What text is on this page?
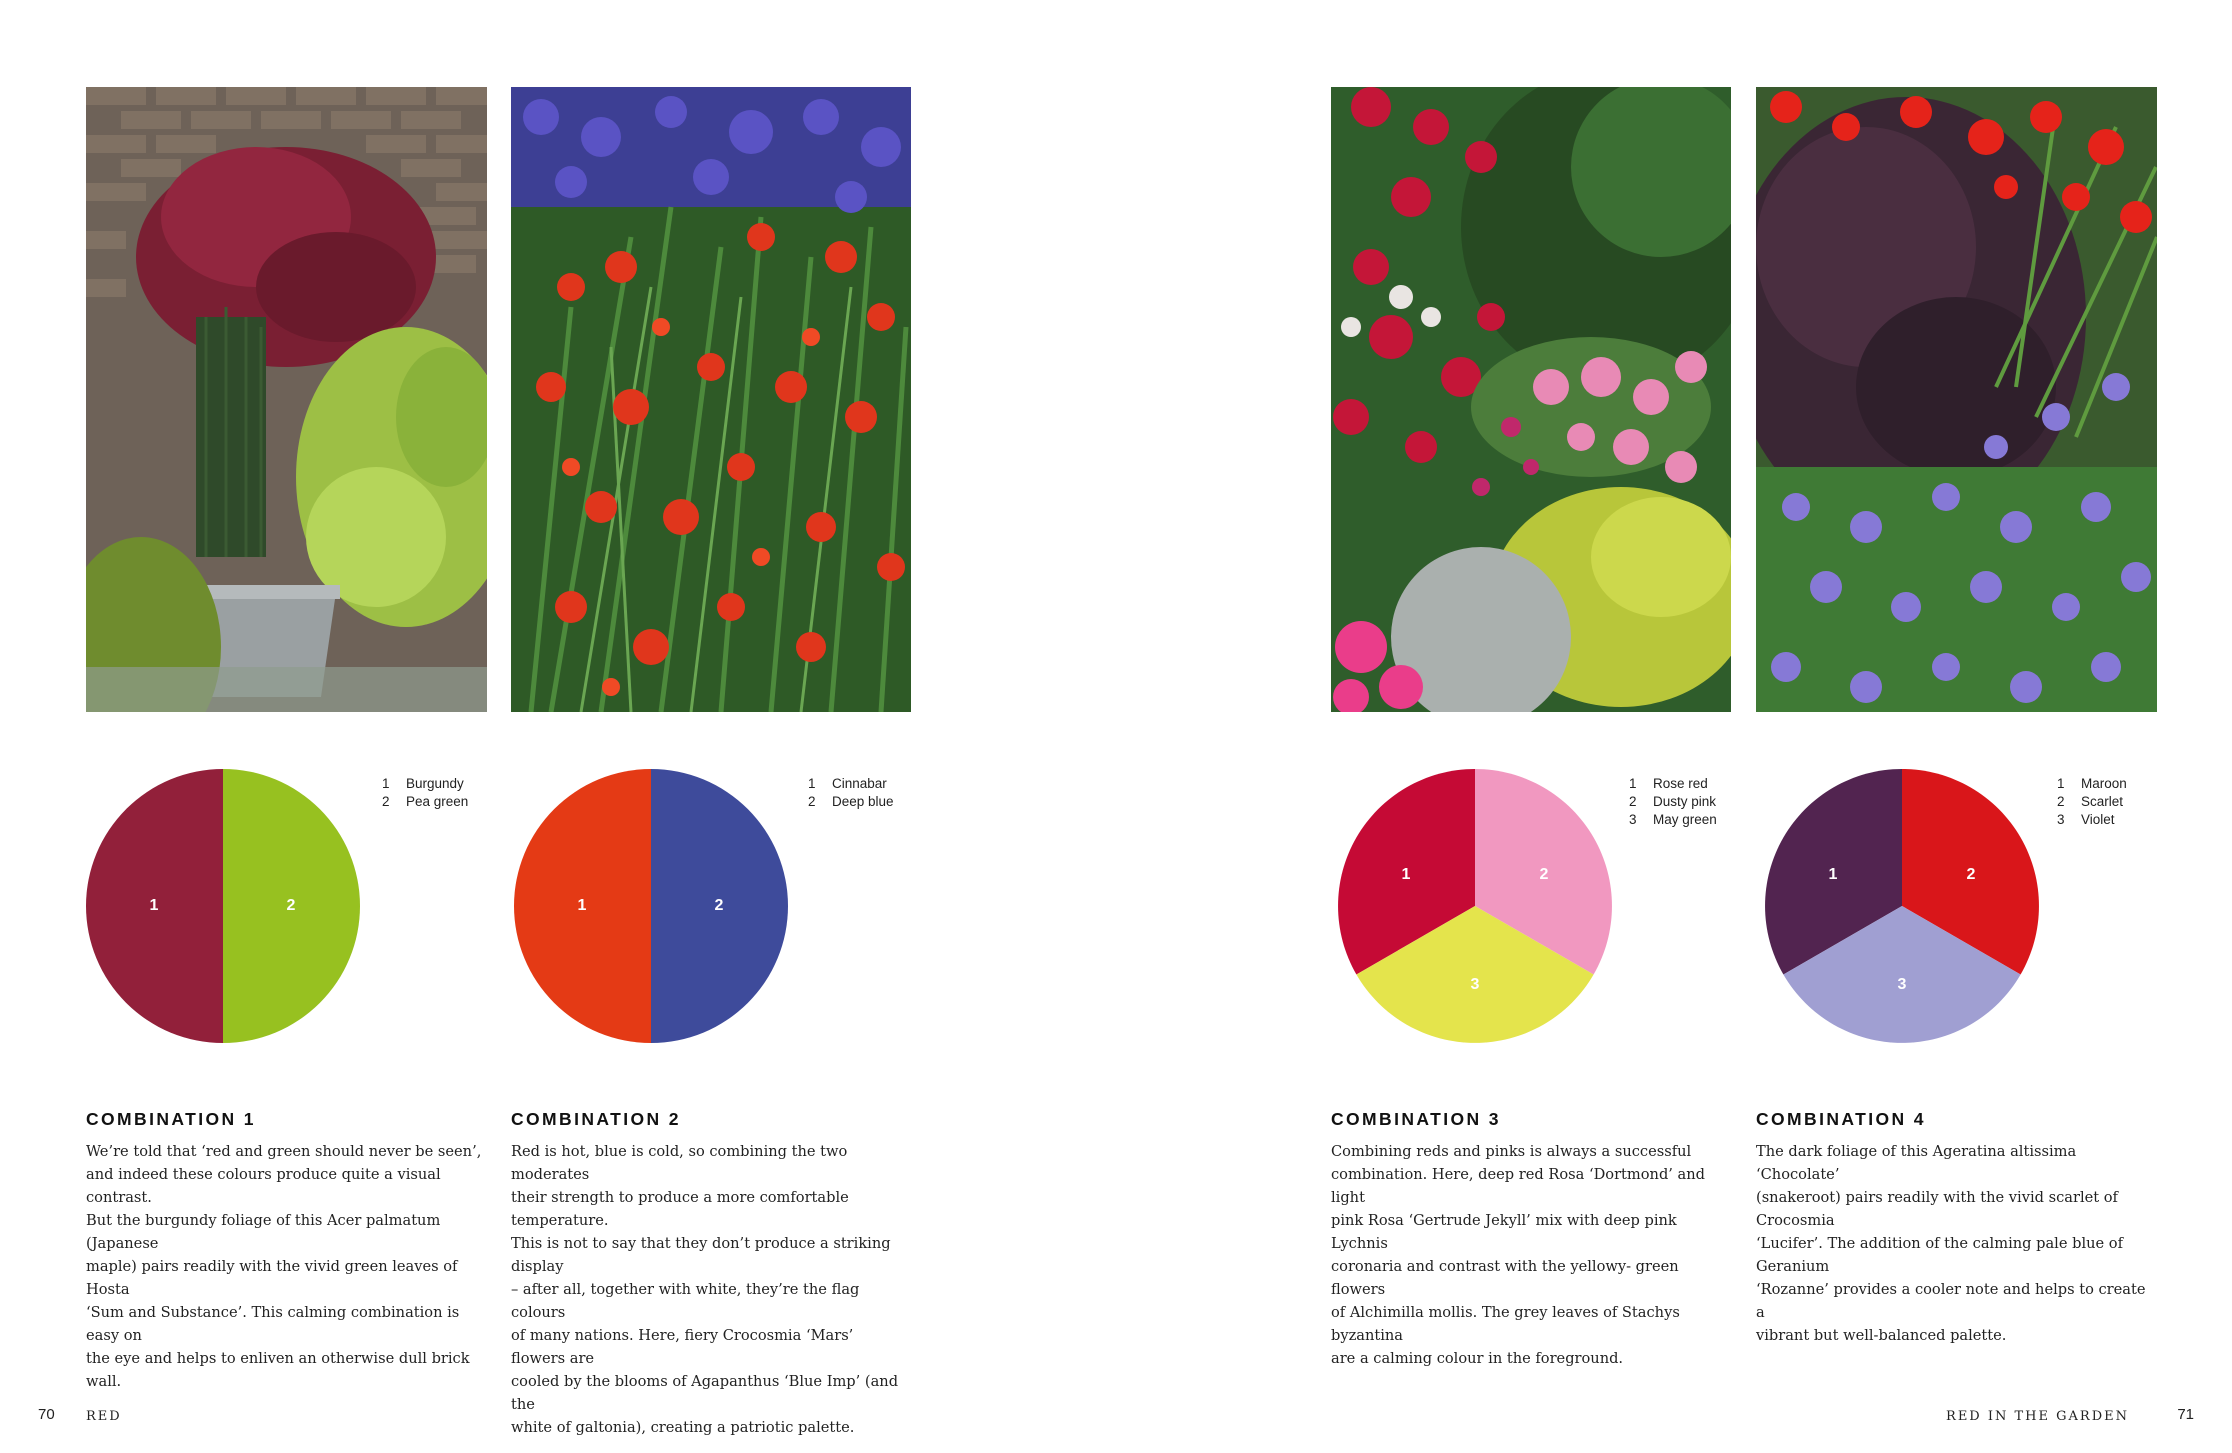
1	2	1	2
1	2
3
1	2
3
1	Burgundy
2	Pea green
1	Cinnabar
2	Deep blue
1	Rose red
2	Dusty pink
3	May green
1	Maroon
2	Scarlet
3	Violet
COMBINATION 1

We’re told that ‘red and green should never be seen’,
and indeed these colours produce quite a visual contrast.
But the burgundy foliage of this Acer palmatum (Japanese
maple) pairs readily with the vivid green leaves of Hosta
‘Sum and Substance’. This calming combination is easy on
the eye and helps to enliven an otherwise dull brick wall.

COMBINATION 2

Red is hot, blue is cold, so combining the two moderates
their strength to produce a more comfortable temperature.
This is not to say that they don’t produce a striking display
– after all, together with white, they’re the flag colours
of many nations. Here, fiery Crocosmia ‘Mars’ flowers are
cooled by the blooms of Agapanthus ‘Blue Imp’ (and the
white of galtonia), creating a patriotic palette.

COMBINATION 3

Combining reds and pinks is always a successful
combination. Here, deep red Rosa ‘Dortmond’ and light
pink Rosa ‘Gertrude Jekyll’ mix with deep pink Lychnis
coronaria and contrast with the yellowy- green flowers
of Alchimilla mollis. The grey leaves of Stachys byzantina
are a calming colour in the foreground.

COMBINATION 4

The dark foliage of this Ageratina altissima ‘Chocolate’
(snakeroot) pairs readily with the vivid scarlet of Crocosmia
‘Lucifer’. The addition of the calming pale blue of Geranium
‘Rozanne’ provides a cooler note and helps to create a
vibrant but well-balanced palette.

70 RED	RED IN THE GARDEN	71
